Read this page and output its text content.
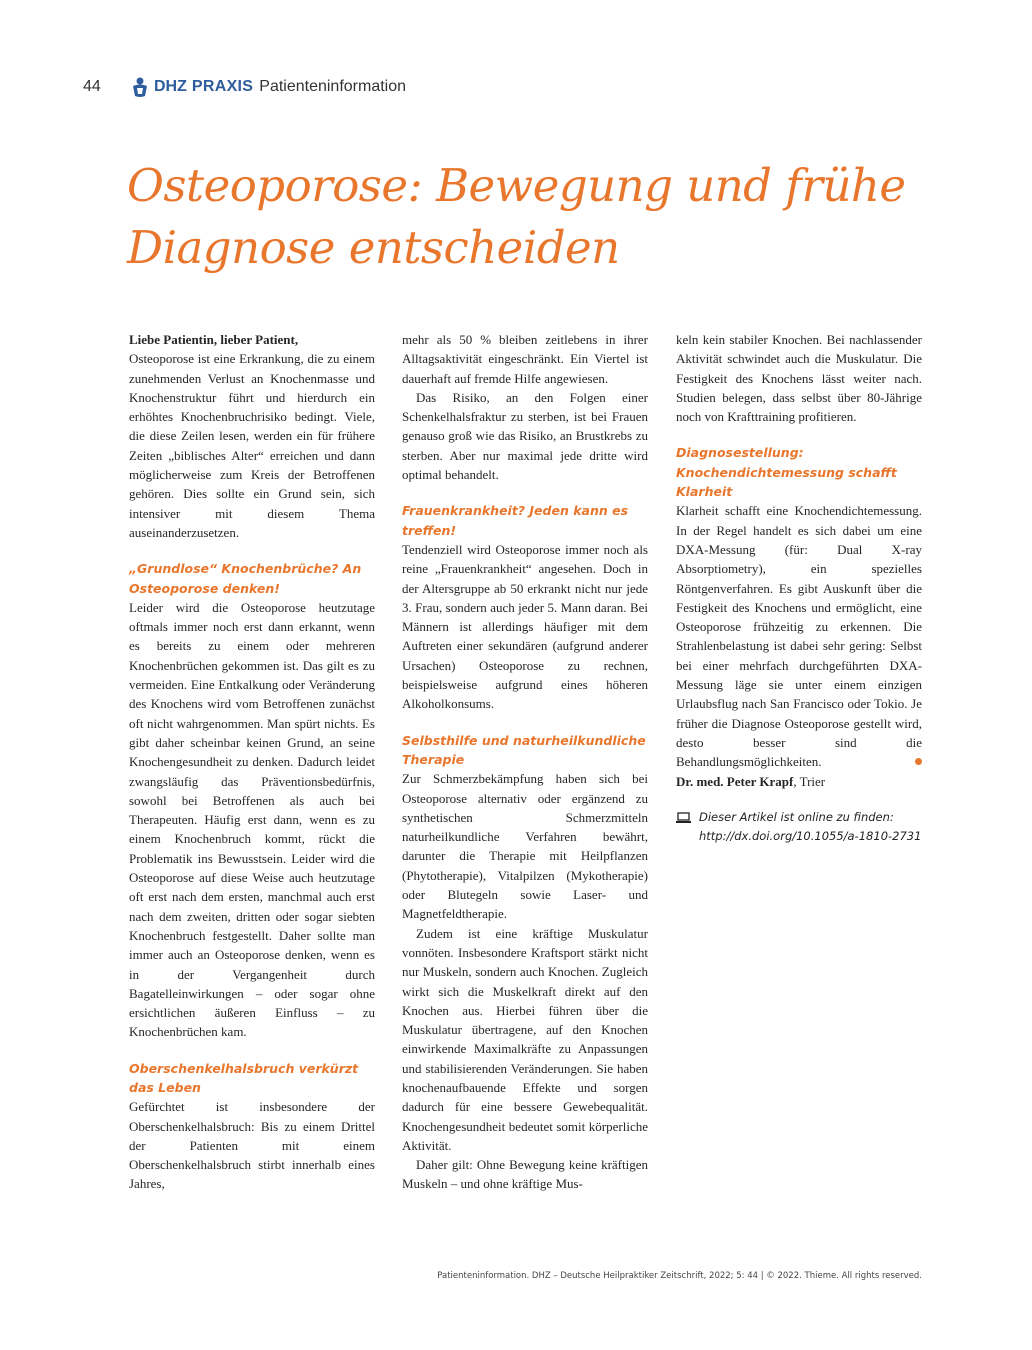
44	DHZ PRAXIS Patienteninformation
Osteoporose: Bewegung und frühe Diagnose entscheiden

Liebe Patientin, lieber Patient,

Osteoporose ist eine Erkrankung, die zu einem zunehmenden Verlust an Knochenmasse und Knochenstruktur führt und hierdurch ein erhöhtes Knochenbruchrisiko bedingt. Viele, die diese Zeilen lesen, werden ein für frühere Zeiten „biblisches Alter“ erreichen und dann möglicherweise zum Kreis der Betroffenen gehören. Dies sollte ein Grund sein, sich intensiver mit diesem Thema auseinanderzusetzen.

„Grundlose“ Knochenbrüche? An Osteoporose denken!

Leider wird die Osteoporose heutzutage oftmals immer noch erst dann erkannt, wenn es bereits zu einem oder mehreren Knochenbrüchen gekommen ist. Das gilt es zu vermeiden. Eine Entkalkung oder Veränderung des Knochens wird vom Betroffenen zunächst oft nicht wahrgenommen. Man spürt nichts. Es gibt daher scheinbar keinen Grund, an seine Knochengesundheit zu denken. Dadurch leidet zwangsläufig das Präventionsbedürfnis, sowohl bei Betroffenen als auch bei Therapeuten. Häufig erst dann, wenn es zu einem Knochenbruch kommt, rückt die Problematik ins Bewusstsein. Leider wird die Osteoporose auf diese Weise auch heutzutage oft erst nach dem ersten, manchmal auch erst nach dem zweiten, dritten oder sogar siebten Knochenbruch festgestellt. Daher sollte man immer auch an Osteoporose denken, wenn es in der Vergangenheit durch Bagatelleinwirkungen – oder sogar ohne ersichtlichen äußeren Einfluss – zu Knochenbrüchen kam.

Oberschenkelhalsbruch verkürzt das Leben

Gefürchtet ist insbesondere der Oberschenkelhalsbruch: Bis zu einem Drittel der Patienten mit einem Oberschenkelhalsbruch stirbt innerhalb eines Jahres,

mehr als 50 % bleiben zeitlebens in ihrer Alltagsaktivität eingeschränkt. Ein Viertel ist dauerhaft auf fremde Hilfe angewiesen.

Das Risiko, an den Folgen einer Schenkelhalsfraktur zu sterben, ist bei Frauen genauso groß wie das Risiko, an Brustkrebs zu sterben. Aber nur maximal jede dritte wird optimal behandelt.

Frauenkrankheit? Jeden kann es treffen!

Tendenziell wird Osteoporose immer noch als reine „Frauenkrankheit“ angesehen. Doch in der Altersgruppe ab 50 erkrankt nicht nur jede 3. Frau, sondern auch jeder 5. Mann daran. Bei Männern ist allerdings häufiger mit dem Auftreten einer sekundären (aufgrund anderer Ursachen) Osteoporose zu rechnen, beispielsweise aufgrund eines höheren Alkoholkonsums.

Selbsthilfe und naturheilkundliche Therapie

Zur Schmerzbekämpfung haben sich bei Osteoporose alternativ oder ergänzend zu synthetischen Schmerzmitteln naturheilkundliche Verfahren bewährt, darunter die Therapie mit Heilpflanzen (Phytotherapie), Vitalpilzen (Mykotherapie) oder Blutegeln sowie Laser- und Magnetfeldtherapie.

Zudem ist eine kräftige Muskulatur vonnöten. Insbesondere Kraftsport stärkt nicht nur Muskeln, sondern auch Knochen. Zugleich wirkt sich die Muskelkraft direkt auf den Knochen aus. Hierbei führen über die Muskulatur übertragene, auf den Knochen einwirkende Maximalkräfte zu Anpassungen und stabilisierenden Veränderungen. Sie haben knochenaufbauende Effekte und sorgen dadurch für eine bessere Gewebequalität. Knochengesundheit bedeutet somit körperliche Aktivität.

Daher gilt: Ohne Bewegung keine kräftigen Muskeln – und ohne kräftige Mus-

keln kein stabiler Knochen. Bei nachlassender Aktivität schwindet auch die Muskulatur. Die Festigkeit des Knochens lässt weiter nach. Studien belegen, dass selbst über 80-Jährige noch von Krafttraining profitieren.

Diagnosestellung: Knochendichtemessung schafft Klarheit

Klarheit schafft eine Knochendichtemessung. In der Regel handelt es sich dabei um eine DXA-Messung (für: Dual X-ray Absorptiometry), ein spezielles Röntgenverfahren. Es gibt Auskunft über die Festigkeit des Knochens und ermöglicht, eine Osteoporose frühzeitig zu erkennen. Die Strahlenbelastung ist dabei sehr gering: Selbst bei einer mehrfach durchgeführten DXA-Messung läge sie unter einem einzigen Urlaubsflug nach San Francisco oder Tokio. Je früher die Diagnose Osteoporose gestellt wird, desto besser sind die Behandlungsmöglichkeiten.

Dr. med. Peter Krapf, Trier

Dieser Artikel ist online zu finden:
http://dx.doi.org/10.1055/a-1810-2731
Patienteninformation. DHZ – Deutsche Heilpraktiker Zeitschrift, 2022; 5: 44 | © 2022. Thieme. All rights reserved.
